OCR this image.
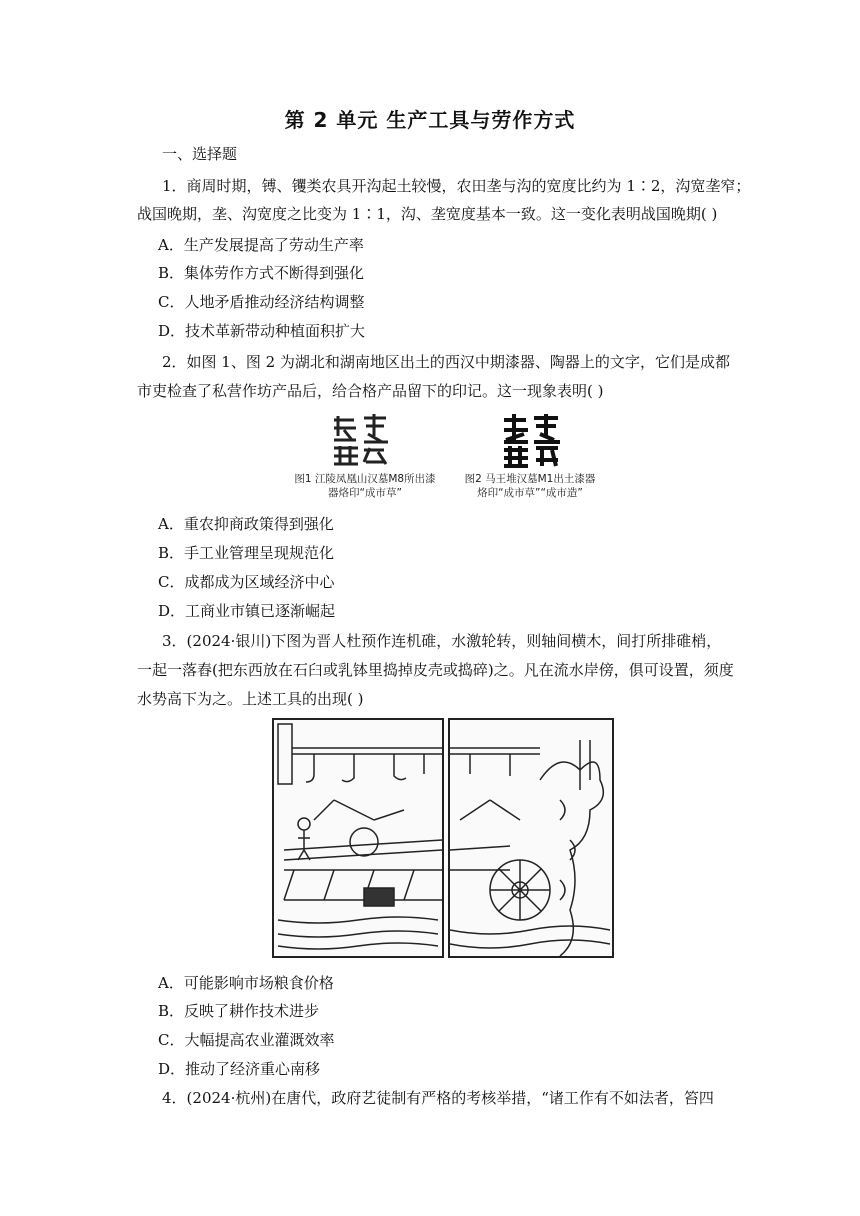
第 2 单元 生产工具与劳作方式
一、选择题
1．商周时期，镈、䦆类农具开沟起土较慢，农田垄与沟的宽度比约为 1∶2，沟宽垄窄；
战国晚期，垄、沟宽度之比变为 1∶1，沟、垄宽度基本一致。这一变化表明战国晚期( )
A．生产发展提高了劳动生产率
B．集体劳作方式不断得到强化
C．人地矛盾推动经济结构调整
D．技术革新带动种植面积扩大
2．如图 1、图 2 为湖北和湖南地区出土的西汉中期漆器、陶器上的文字，它们是成都
市吏检查了私营作坊产品后，给合格产品留下的印记。这一现象表明( )
图1 江陵凤凰山汉墓M8所出漆
器烙印“成市草”
图2 马王堆汉墓M1出土漆器
烙印“成市草”“成市造”
A．重农抑商政策得到强化
B．手工业管理呈现规范化
C．成都成为区域经济中心
D．工商业市镇已逐渐崛起
3．(2024·银川)下图为晋人杜预作连机碓，水激轮转，则轴间横木，间打所排碓梢，
一起一落舂(把东西放在石臼或乳钵里捣掉皮壳或捣碎)之。凡在流水岸傍，俱可设置，须度
水势高下为之。上述工具的出现( )
A．可能影响市场粮食价格
B．反映了耕作技术进步
C．大幅提高农业灌溉效率
D．推动了经济重心南移
4．(2024·杭州)在唐代，政府艺徒制有严格的考核举措，“诸工作有不如法者，笞四
